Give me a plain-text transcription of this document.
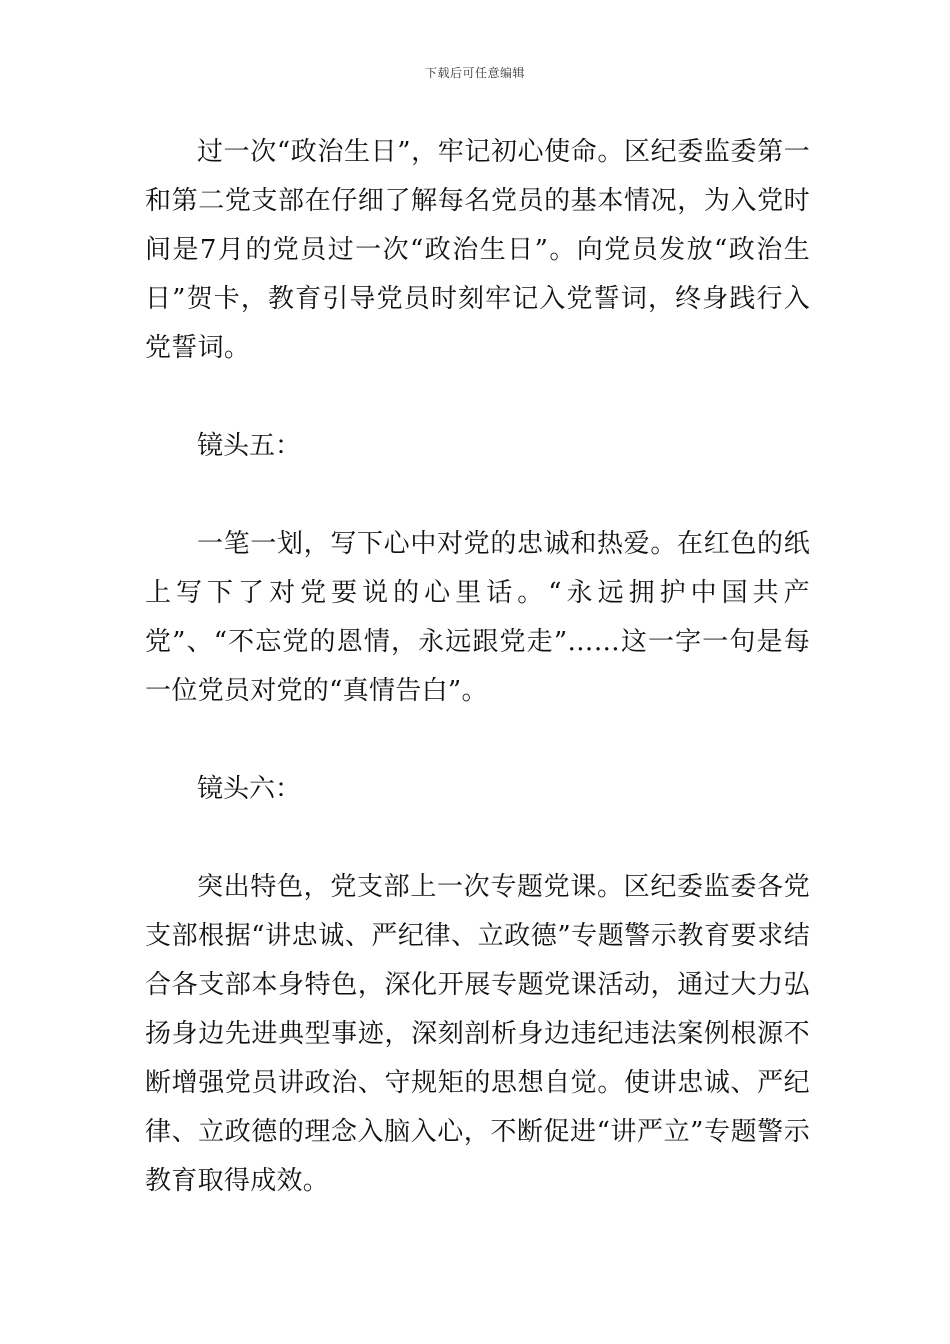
下载后可任意编辑

过一次“政治生日”，牢记初心使命。区纪委监委第一和第二党支部在仔细了解每名党员的基本情况，为入党时间是7月的党员过一次“政治生日”。向党员发放“政治生日”贺卡，教育引导党员时刻牢记入党誓词，终身践行入党誓词。

镜头五：

一笔一划，写下心中对党的忠诚和热爱。在红色的纸上写下了对党要说的心里话。“永远拥护中国共产党”、“不忘党的恩情，永远跟党走”……这一字一句是每一位党员对党的“真情告白”。

镜头六：

突出特色，党支部上一次专题党课。区纪委监委各党支部根据“讲忠诚、严纪律、立政德”专题警示教育要求结合各支部本身特色，深化开展专题党课活动，通过大力弘扬身边先进典型事迹，深刻剖析身边违纪违法案例根源不断增强党员讲政治、守规矩的思想自觉。使讲忠诚、严纪律、立政德的理念入脑入心，不断促进“讲严立”专题警示教育取得成效。
